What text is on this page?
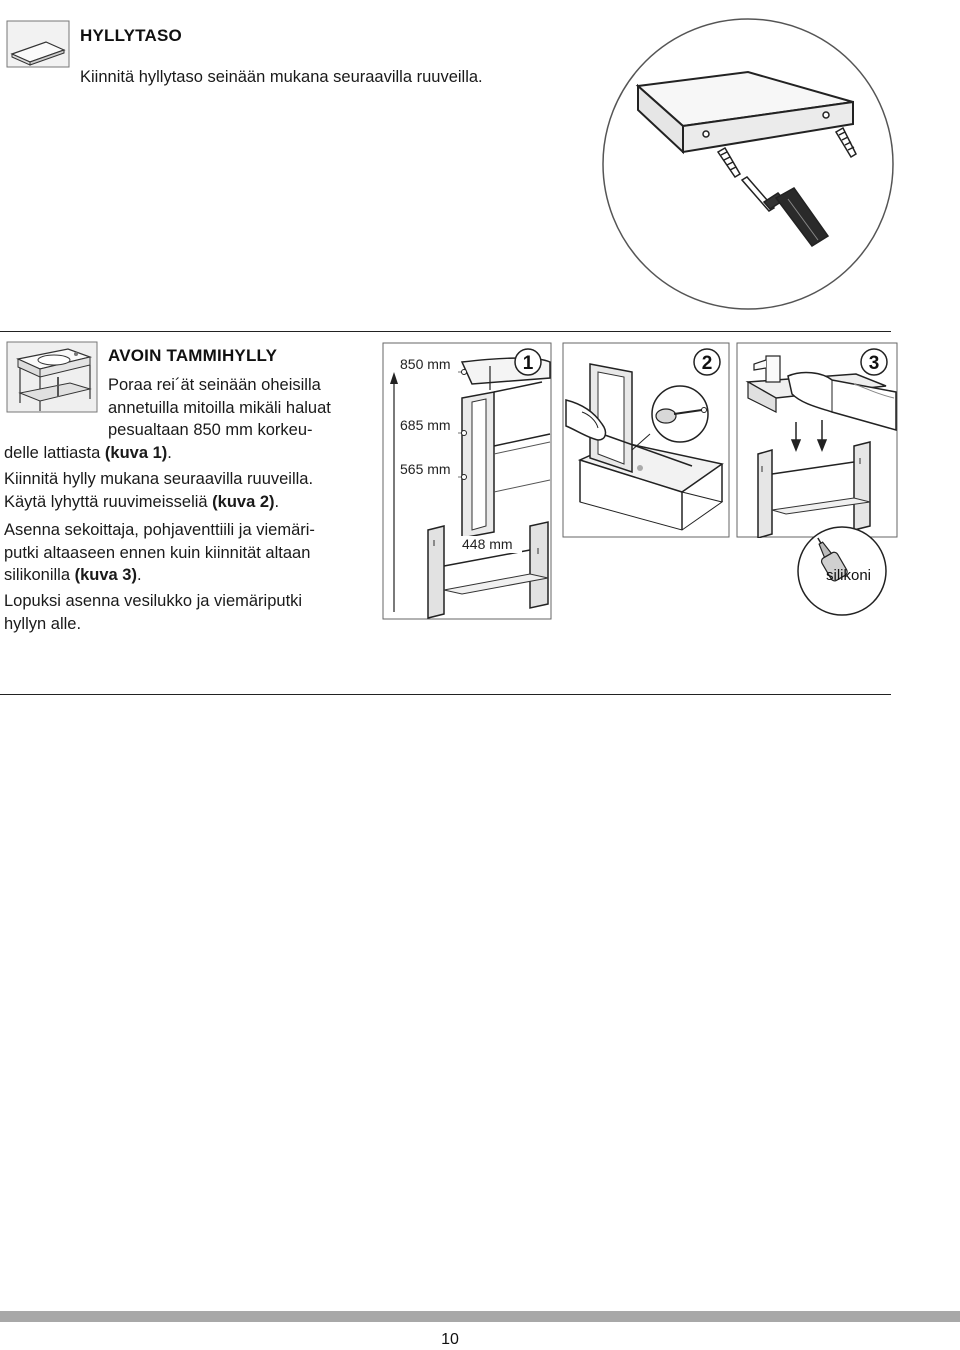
HYLLYTASO
Kiinnitä hyllytaso seinään mukana seuraavilla ruuveilla.
AVOIN TAMMIHYLLY
Poraa rei´ät seinään oheisilla
annetuilla mitoilla mikäli haluat
pesualtaan 850 mm korkeu-
delle lattiasta (kuva 1).
Kiinnitä hylly mukana seuraavilla ruuveilla.
Käytä lyhyttä ruuvimeisseliä (kuva 2).
Asenna sekoittaja, pohjaventtiili ja viemäri-
putki altaaseen ennen kuin kiinnität altaan
silikonilla (kuva 3).
Lopuksi asenna vesilukko ja viemäriputki
hyllyn alle.
1
850 mm
685 mm
565 mm
448 mm
2	3
silikoni
10
